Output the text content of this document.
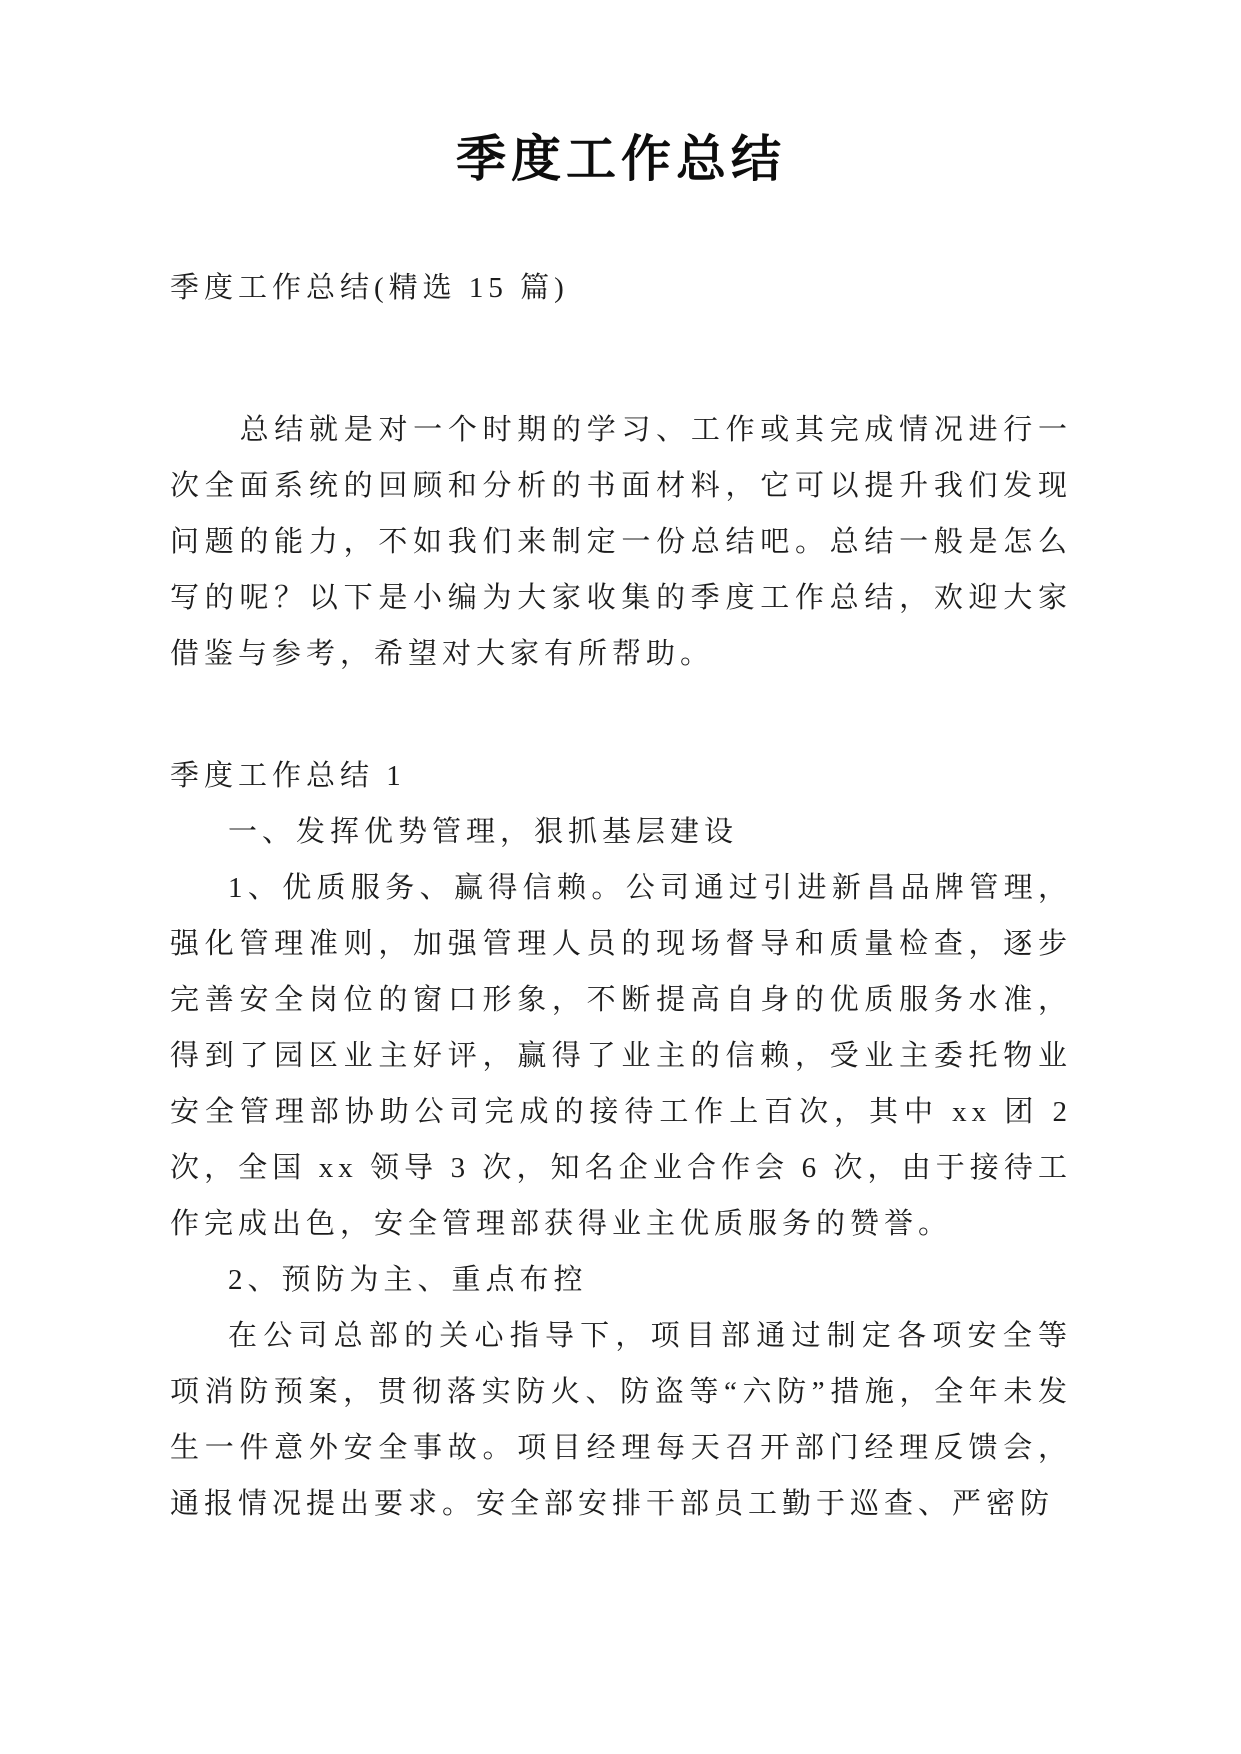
季度工作总结

季度工作总结(精选 15 篇)

总结就是对一个时期的学习、工作或其完成情况进行一次全面系统的回顾和分析的书面材料，它可以提升我们发现问题的能力，不如我们来制定一份总结吧。总结一般是怎么写的呢？以下是小编为大家收集的季度工作总结，欢迎大家借鉴与参考，希望对大家有所帮助。

季度工作总结 1

一、发挥优势管理，狠抓基层建设

1、优质服务、赢得信赖。公司通过引进新昌品牌管理，强化管理准则，加强管理人员的现场督导和质量检查，逐步完善安全岗位的窗口形象，不断提高自身的优质服务水准，得到了园区业主好评，赢得了业主的信赖，受业主委托物业安全管理部协助公司完成的接待工作上百次，其中 xx 团 2 次，全国 xx 领导 3 次，知名企业合作会 6 次，由于接待工作完成出色，安全管理部获得业主优质服务的赞誉。

2、预防为主、重点布控

在公司总部的关心指导下，项目部通过制定各项安全等项消防预案，贯彻落实防火、防盗等“六防”措施，全年未发生一件意外安全事故。项目经理每天召开部门经理反馈会，通报情况提出要求。安全部安排干部员工勤于巡查、严密防
